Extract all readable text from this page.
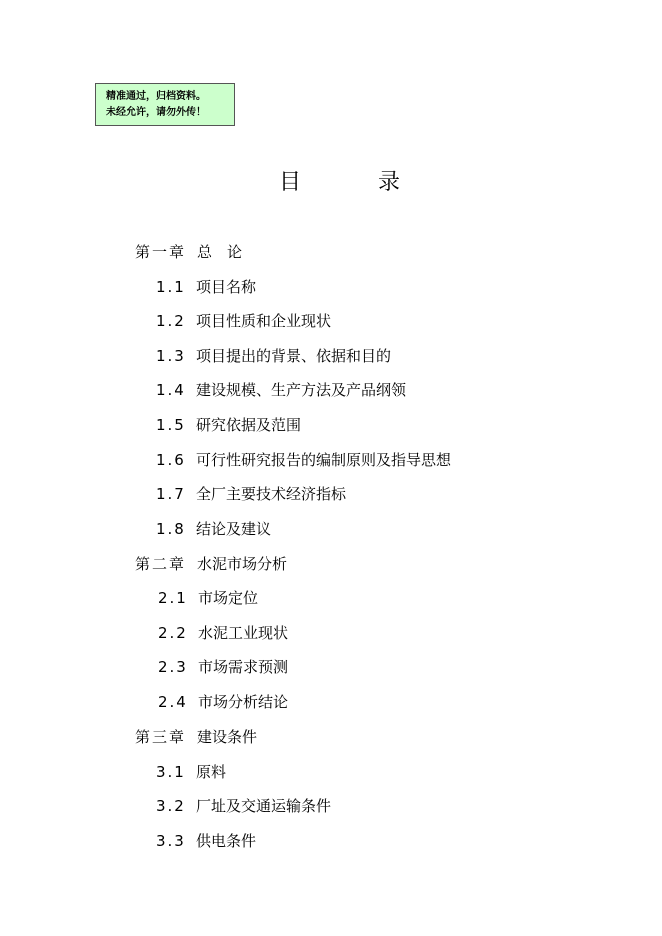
精准通过，归档资料。
未经允许，请勿外传！
目	录
第一章 总　论
1.1 项目名称
1.2 项目性质和企业现状
1.3 项目提出的背景、依据和目的
1.4 建设规模、生产方法及产品纲领
1.5 研究依据及范围
1.6 可行性研究报告的编制原则及指导思想
1.7 全厂主要技术经济指标
1.8 结论及建议
第二章 水泥市场分析
2.1 市场定位
2.2 水泥工业现状
2.3 市场需求预测
2.4 市场分析结论
第三章 建设条件
3.1 原料
3.2 厂址及交通运输条件
3.3 供电条件
